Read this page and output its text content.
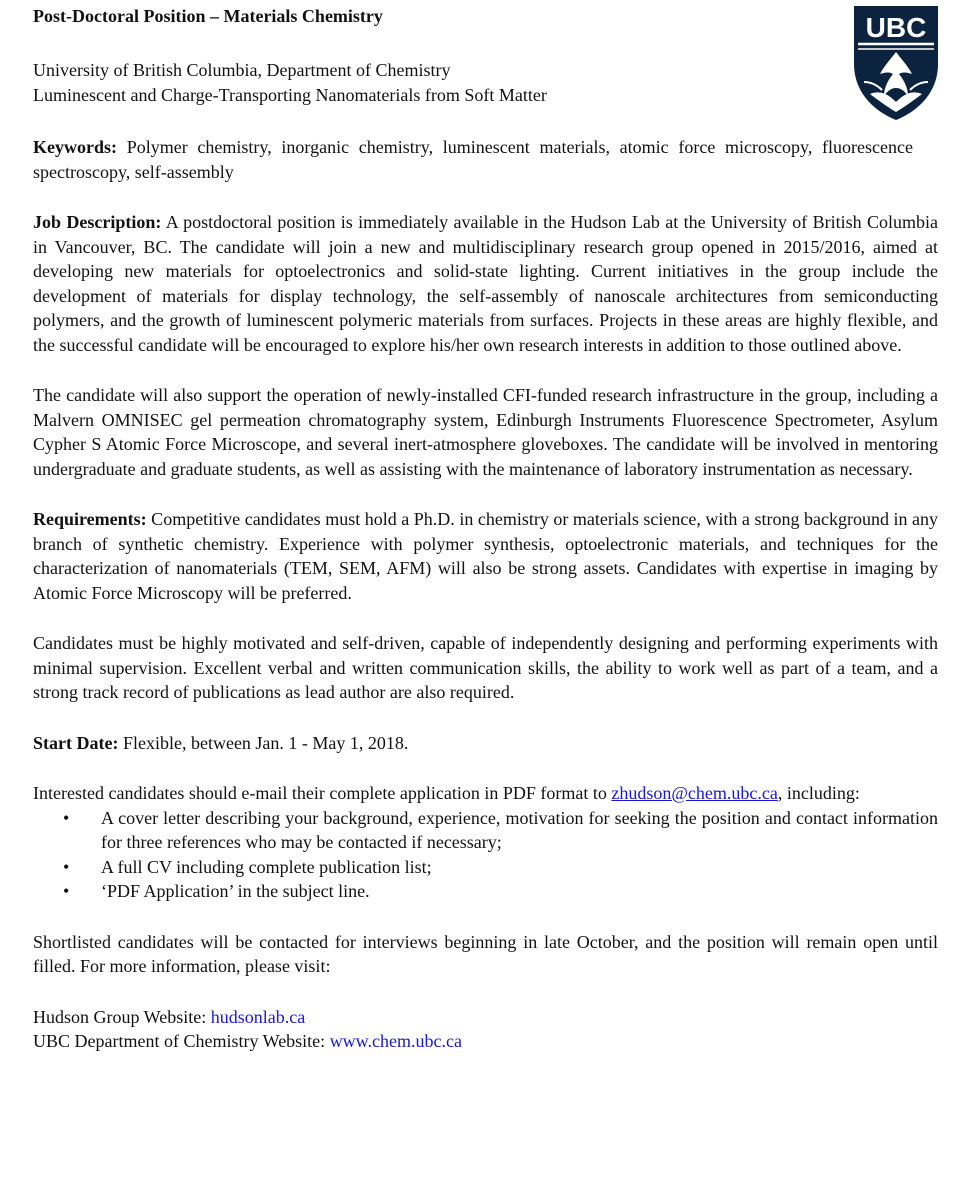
UBC
Post-Doctoral Position – Materials Chemistry
University of British Columbia, Department of Chemistry
Luminescent and Charge-Transporting Nanomaterials from Soft Matter

Keywords: Polymer chemistry, inorganic chemistry, luminescent materials, atomic force microscopy, fluorescence spectroscopy, self-assembly

Job Description: A postdoctoral position is immediately available in the Hudson Lab at the University of British Columbia in Vancouver, BC. The candidate will join a new and multidisciplinary research group opened in 2015/2016, aimed at developing new materials for optoelectronics and solid-state lighting. Current initiatives in the group include the development of materials for display technology, the self-assembly of nanoscale architectures from semiconducting polymers, and the growth of luminescent polymeric materials from surfaces. Projects in these areas are highly flexible, and the successful candidate will be encouraged to explore his/her own research interests in addition to those outlined above.

The candidate will also support the operation of newly-installed CFI-funded research infrastructure in the group, including a Malvern OMNISEC gel permeation chromatography system, Edinburgh Instruments Fluorescence Spectrometer, Asylum Cypher S Atomic Force Microscope, and several inert-atmosphere gloveboxes. The candidate will be involved in mentoring undergraduate and graduate students, as well as assisting with the maintenance of laboratory instrumentation as necessary.

Requirements: Competitive candidates must hold a Ph.D. in chemistry or materials science, with a strong background in any branch of synthetic chemistry. Experience with polymer synthesis, optoelectronic materials, and techniques for the characterization of nanomaterials (TEM, SEM, AFM) will also be strong assets. Candidates with expertise in imaging by Atomic Force Microscopy will be preferred.

Candidates must be highly motivated and self-driven, capable of independently designing and performing experiments with minimal supervision. Excellent verbal and written communication skills, the ability to work well as part of a team, and a strong track record of publications as lead author are also required.

Start Date: Flexible, between Jan. 1 - May 1, 2018.

Interested candidates should e-mail their complete application in PDF format to zhudson@chem.ubc.ca, including:

• A cover letter describing your background, experience, motivation for seeking the position and contact information for three references who may be contacted if necessary;
• A full CV including complete publication list;
• ‘PDF Application’ in the subject line.

Shortlisted candidates will be contacted for interviews beginning in late October, and the position will remain open until filled. For more information, please visit:

Hudson Group Website: hudsonlab.ca
UBC Department of Chemistry Website: www.chem.ubc.ca
